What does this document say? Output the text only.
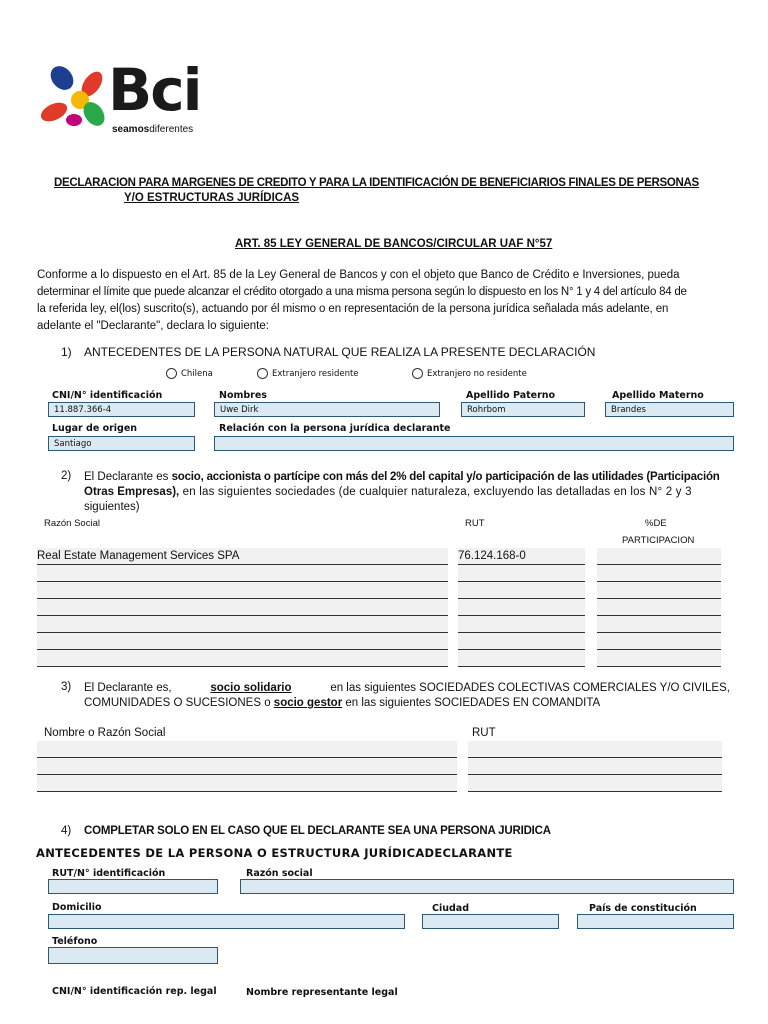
Bci
seamosdiferentes
DECLARACION PARA MARGENES DE CREDITO Y PARA LA IDENTIFICACIÓN DE BENEFICIARIOS FINALES DE PERSONAS
Y/O ESTRUCTURAS JURÍDICAS
ART. 85 LEY GENERAL DE BANCOS/CIRCULAR UAF N°57
Conforme a lo dispuesto en el Art. 85 de la Ley General de Bancos y con el objeto que Banco de Crédito e Inversiones, pueda
determinar el límite que puede alcanzar el crédito otorgado a una misma persona según lo dispuesto en los N° 1 y 4 del artículo 84 de
la referida ley, el(los) suscrito(s), actuando por él mismo o en representación de la persona jurídica señalada más adelante, en
adelante el "Declarante", declara lo siguiente:
1) ANTECEDENTES DE LA PERSONA NATURAL QUE REALIZA LA PRESENTE DECLARACIÓN
Chilena	Extranjero residente	Extranjero no residente
CNI/N° identificación	Nombres	Apellido Paterno	Apellido Materno
11.887.366-4	Uwe Dirk	Rohrbom	Brandes
Lugar de origen	Relación con la persona jurídica declarante
Santiago
2) El Declarante es socio, accionista o partícipe con más del 2% del capital y/o participación de las utilidades (Participación
Otras Empresas), en las siguientes sociedades (de cualquier naturaleza, excluyendo las detalladas en los N° 2 y 3
siguientes)
Razón Social	RUT	%DE
PARTICIPACION
Real Estate Management Services SPA	76.124.168-0
3) El Declarante es,	socio solidario	en las siguientes SOCIEDADES COLECTIVAS COMERCIALES Y/O CIVILES,
COMUNIDADES O SUCESIONES o socio gestor en las siguientes SOCIEDADES EN COMANDITA
Nombre o Razón Social	RUT
4) COMPLETAR SOLO EN EL CASO QUE EL DECLARANTE SEA UNA PERSONA JURIDICA
ANTECEDENTES DE LA PERSONA O ESTRUCTURA JURÍDICADECLARANTE
RUT/N° identificación	Razón social
Domicilio	Ciudad	País de constitución
Teléfono
CNI/N° identificación rep. legal	Nombre representante legal
